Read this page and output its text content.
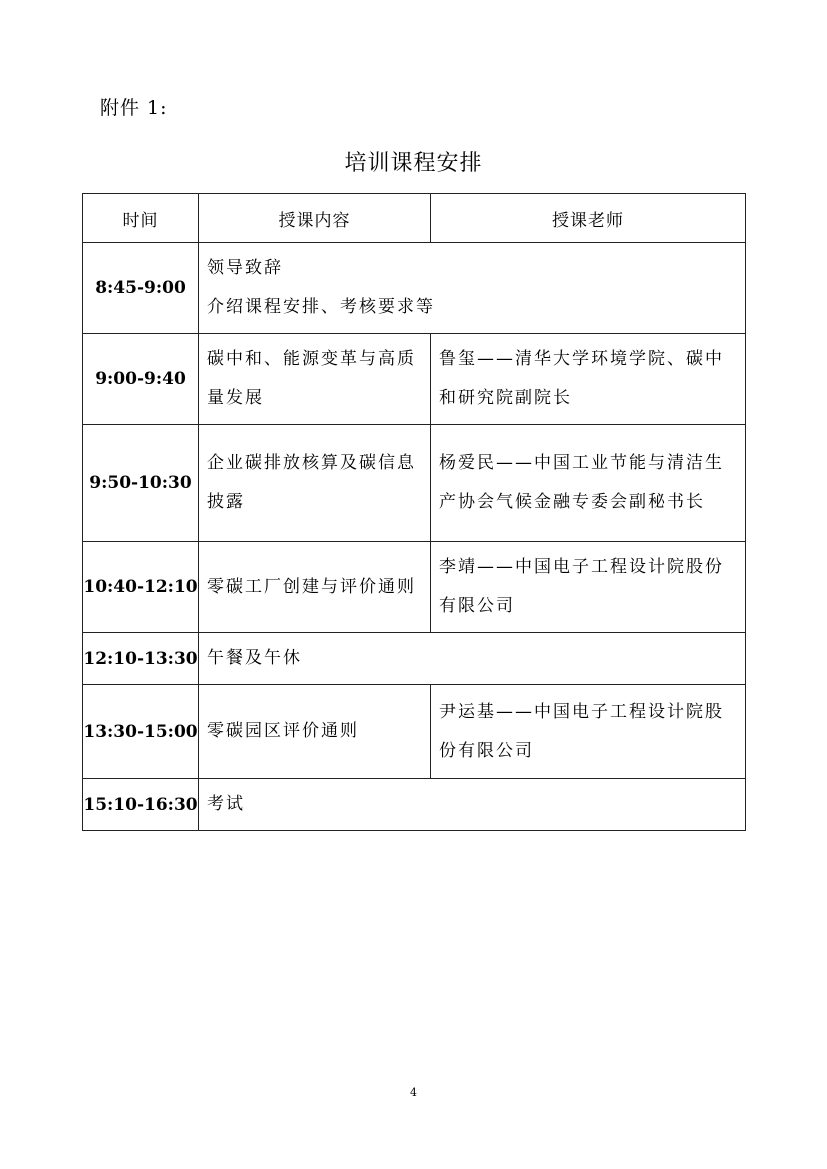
附件 1:
培训课程安排
时间	授课内容	授课老师
8:45-9:00	领导致辞
介绍课程安排、考核要求等	

9:00-9:40	碳中和、能源变革与高质
量发展	鲁玺——清华大学环境学院、碳中
和研究院副院长

9:50-10:30	企业碳排放核算及碳信息
披露	杨爱民——中国工业节能与清洁生
产协会气候金融专委会副秘书长

10:40-12:10	零碳工厂创建与评价通则	李靖——中国电子工程设计院股份
有限公司

12:10-13:30	午餐及午休	

13:30-15:00	零碳园区评价通则	尹运基——中国电子工程设计院股
份有限公司

15:10-16:30	考试	
4
